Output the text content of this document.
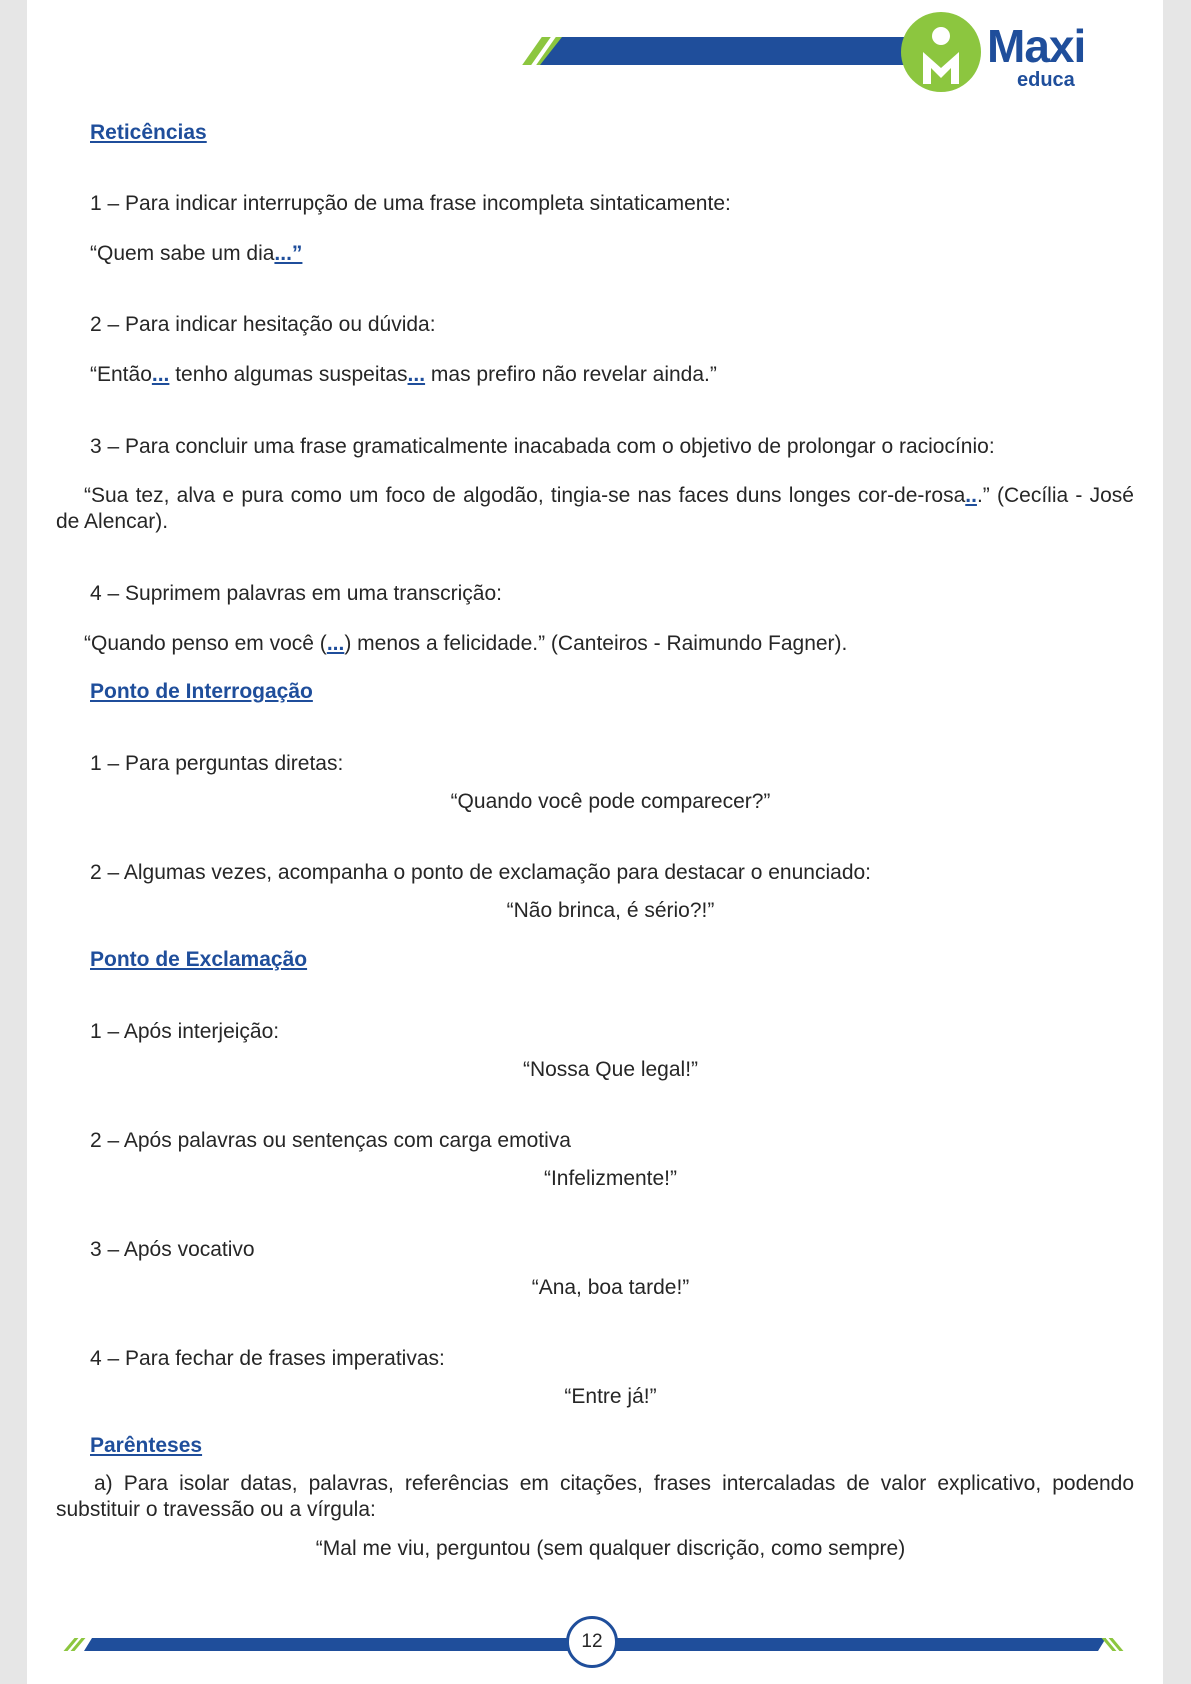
Maxi
educa
Reticências
1 – Para indicar interrupção de uma frase incompleta sintaticamente:
“Quem sabe um dia...”
2 – Para indicar hesitação ou dúvida:
“Então... tenho algumas suspeitas... mas prefiro não revelar ainda.”
3 – Para concluir uma frase gramaticalmente inacabada com o objetivo de prolongar o raciocínio:
“Sua tez, alva e pura como um foco de algodão, tingia-se nas faces duns longes cor-de-rosa...” (Cecília - José de Alencar).
4 – Suprimem palavras em uma transcrição:
“Quando penso em você (...) menos a felicidade.” (Canteiros - Raimundo Fagner).
Ponto de Interrogação
1 – Para perguntas diretas:
“Quando você pode comparecer?”
2 – Algumas vezes, acompanha o ponto de exclamação para destacar o enunciado:
“Não brinca, é sério?!”
Ponto de Exclamação
1 – Após interjeição:
“Nossa Que legal!”
2 – Após palavras ou sentenças com carga emotiva
“Infelizmente!”
3 – Após vocativo
“Ana, boa tarde!”
4 – Para fechar de frases imperativas:
“Entre já!”
Parênteses
a) Para isolar datas, palavras, referências em citações, frases intercaladas de valor explicativo, podendo substituir o travessão ou a vírgula:
“Mal me viu, perguntou (sem qualquer discrição, como sempre)
12
